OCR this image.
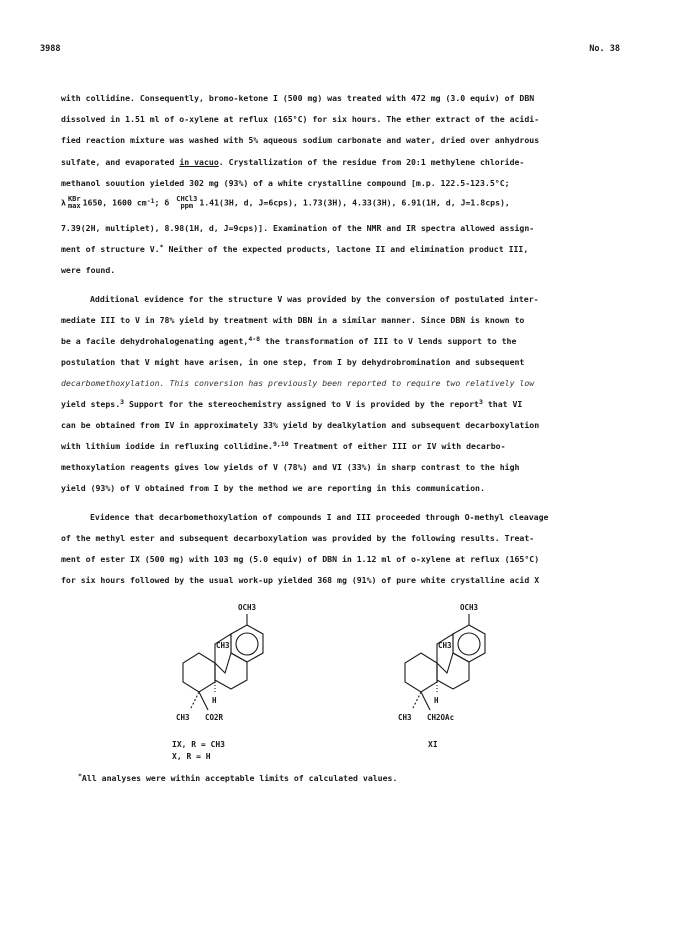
3988	No. 38
with collidine. Consequently, bromo-ketone I (500 mg) was treated with 472 mg (3.0 equiv) of DBN
dissolved in 1.51 ml of o-xylene at reflux (165°C) for six hours. The ether extract of the acidi-
fied reaction mixture was washed with 5% aqueous sodium carbonate and water, dried over anhydrous
sulfate, and evaporated in vacuo. Crystallization of the residue from 20:1 methylene chloride-
methanol souution yielded 302 mg (93%) of a white crystalline compound [m.p. 122.5-123.5°C;
λ KBr
max 1650, 1600 $cm^{-1}$; δ CHCl3
ppm 1.41(3H, d, J=6cps), 1.73(3H), 4.33(3H), 6.91(1H, d, J=1.8cps),
7.39(2H, multiplet), 8.98(1H, d, J=9cps)]. Examination of the NMR and IR spectra allowed assign-
ment of structure V.* Neither of the expected products, lactone II and elimination product III,
were found.
Additional evidence for the structure V was provided by the conversion of postulated inter-
mediate III to V in 78% yield by treatment with DBN in a similar manner. Since DBN is known to
be a facile dehydrohalogenating agent,$^{4-8}$ the transformation of III to V lends support to the
postulation that V might have arisen, in one step, from I by dehydrobromination and subsequent
decarbomethoxylation. This conversion has previously been reported to require two relatively low
yield steps.$^3$ Support for the stereochemistry assigned to V is provided by the report$^3$ that VI
can be obtained from IV in approximately 33% yield by dealkylation and subsequent decarboxylation
with lithium iodide in refluxing collidine.$^{9,10}$ Treatment of either III or IV with decarbo-
methoxylation reagents gives low yields of V (78%) and VI (33%) in sharp contrast to the high
yield (93%) of V obtained from I by the method we are reporting in this communication.
Evidence that decarbomethoxylation of compounds I and III proceeded through O-methyl cleavage
of the methyl ester and subsequent decarboxylation was provided by the following results. Treat-
ment of ester IX (500 mg) with 103 mg (5.0 equiv) of DBN in 1.12 ml of o-xylene at reflux (165°C)
for six hours followed by the usual work-up yielded 368 mg (91%) of pure white crystalline acid X
OCH3
CH3
H
CH3 CO2R
IX, R = CH3
X, R = H
OCH3
CH3
H
CH3 CH2OAc
XI
*All analyses were within acceptable limits of calculated values.
